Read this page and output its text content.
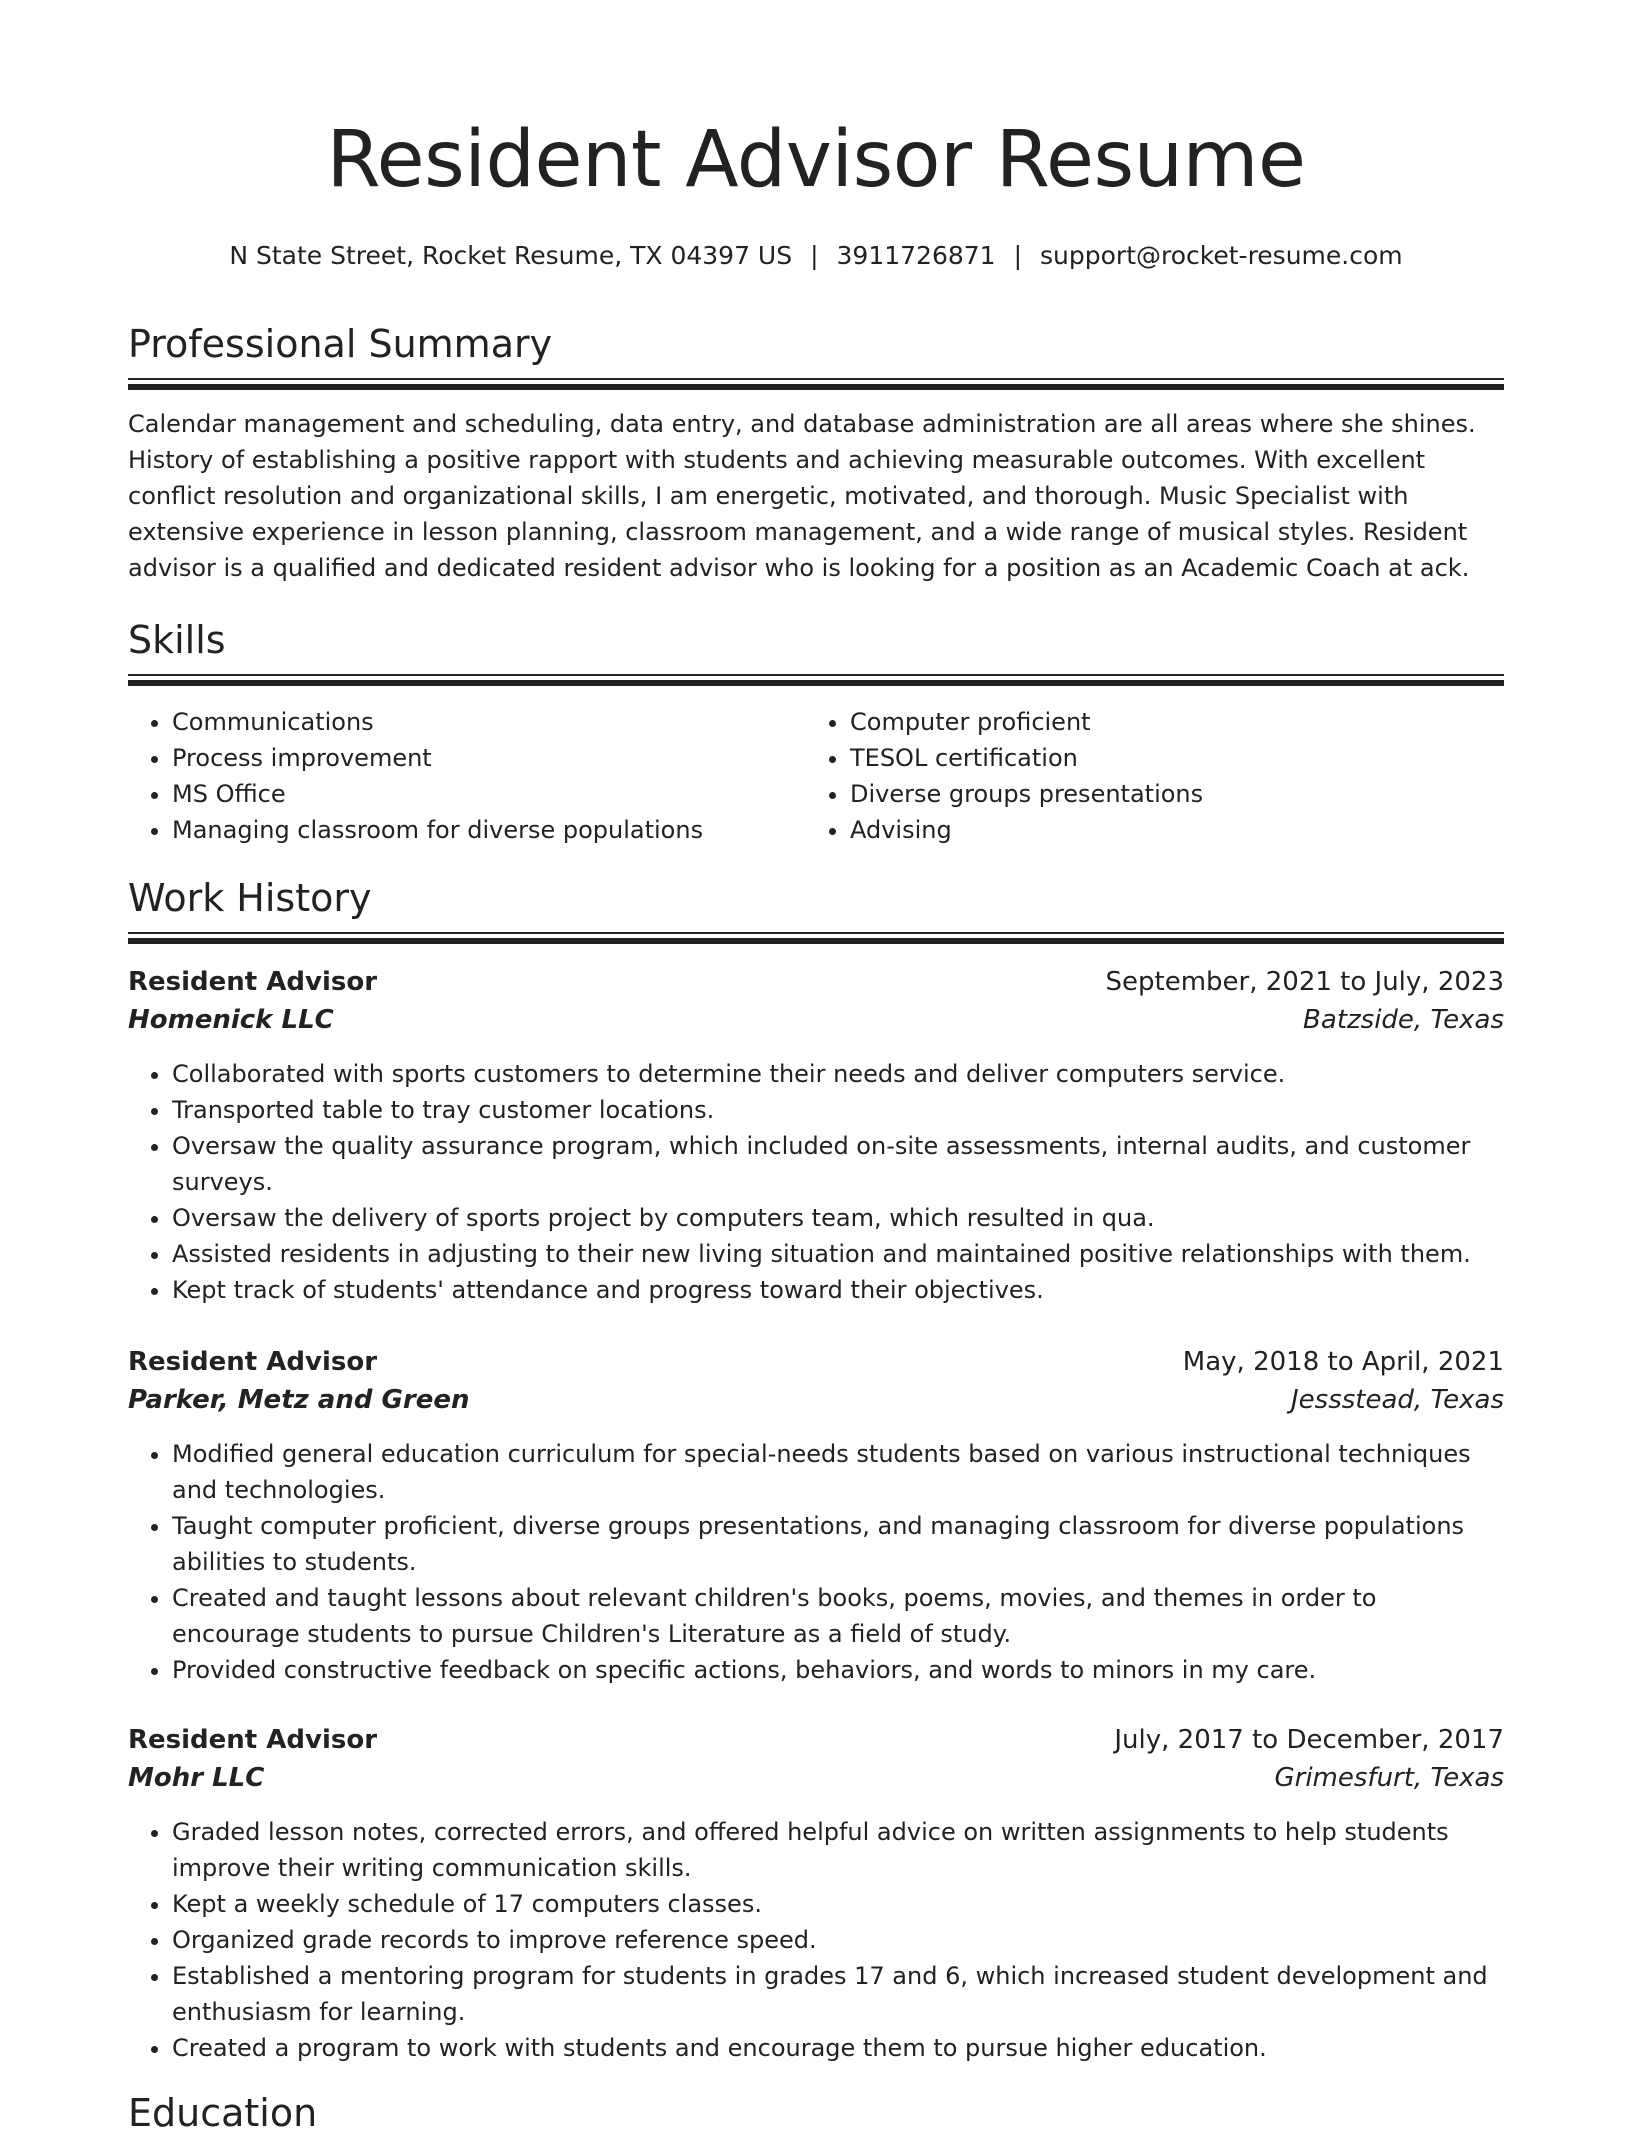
Resident Advisor Resume
N State Street, Rocket Resume, TX 04397 US | 3911726871 | support@rocket-resume.com
Professional Summary

Calendar management and scheduling, data entry, and database administration are all areas where she shines. History of establishing a positive rapport with students and achieving measurable outcomes. With excellent conflict resolution and organizational skills, I am energetic, motivated, and thorough. Music Specialist with extensive experience in lesson planning, classroom management, and a wide range of musical styles. Resident advisor is a qualified and dedicated resident advisor who is looking for a position as an Academic Coach at ack.

Skills
• Communications
• Process improvement
• MS Office
• Managing classroom for diverse populations
• Computer proficient
• TESOL certification
• Diverse groups presentations
• Advising
Work History
Resident Advisor	September, 2021 to July, 2023
Homenick LLC	Batzside, Texas
• Collaborated with sports customers to determine their needs and deliver computers service.
• Transported table to tray customer locations.
• Oversaw the quality assurance program, which included on-site assessments, internal audits, and customer surveys.
• Oversaw the delivery of sports project by computers team, which resulted in qua.
• Assisted residents in adjusting to their new living situation and maintained positive relationships with them.
• Kept track of students' attendance and progress toward their objectives.
Resident Advisor	May, 2018 to April, 2021
Parker, Metz and Green	Jessstead, Texas
• Modified general education curriculum for special-needs students based on various instructional techniques and technologies.
• Taught computer proficient, diverse groups presentations, and managing classroom for diverse populations abilities to students.
• Created and taught lessons about relevant children's books, poems, movies, and themes in order to encourage students to pursue Children's Literature as a field of study.
• Provided constructive feedback on specific actions, behaviors, and words to minors in my care.
Resident Advisor	July, 2017 to December, 2017
Mohr LLC	Grimesfurt, Texas
• Graded lesson notes, corrected errors, and offered helpful advice on written assignments to help students improve their writing communication skills.
• Kept a weekly schedule of 17 computers classes.
• Organized grade records to improve reference speed.
• Established a mentoring program for students in grades 17 and 6, which increased student development and enthusiasm for learning.
• Created a program to work with students and encourage them to pursue higher education.
Education
